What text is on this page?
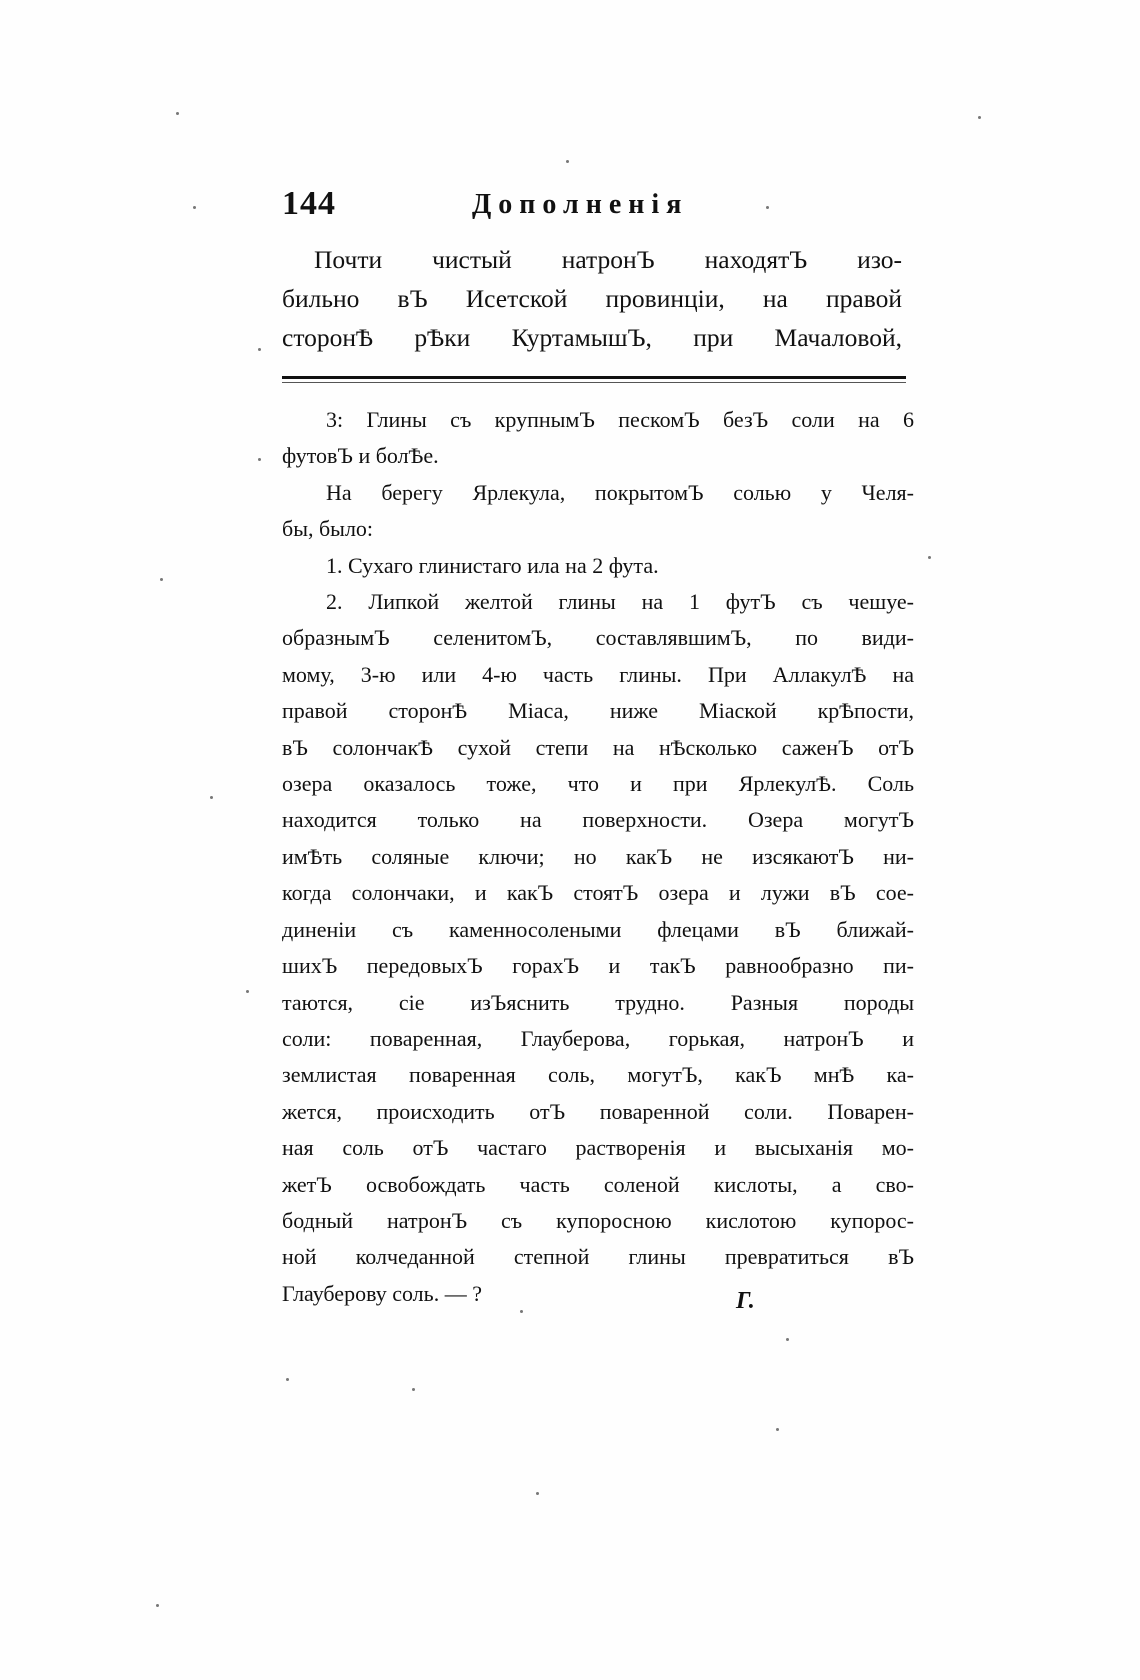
144	Дополненія
Почти чистый натронЪ находятЪ изо-
бильно вЪ Исетской провинціи, на правой
сторонѢ рѢки КуртамышЪ, при Мачаловой,
3: Глины съ крупнымЪ пескомЪ безЪ соли на 6
футовЪ и болѢе.
На берегу Ярлекула, покрытомЪ солью у Челя-
бы, было:
1. Сухаго глинистаго ила на 2 фута.
2. Липкой желтой глины на 1 футЪ съ чешуе-
образнымЪ селенитомЪ, составлявшимЪ, по види-
мому, 3-ю или 4-ю часть глины. При АллакулѢ на
правой сторонѢ Міаса, ниже Міаской крѢпости,
вЪ солончакѢ сухой степи на нѢсколько саженЪ отЪ
озера оказалось тоже, что и при ЯрлекулѢ. Соль
находится только на поверхности. Озера могутЪ
имѢть соляные ключи; но какЪ не изсякаютЪ ни-
когда солончаки, и какЪ стоятЪ озера и лужи вЪ сое-
диненіи съ каменносолеными флецами вЪ ближай-
шихЪ передовыхЪ горахЪ и такЪ равнообразно пи-
таются, сіе изЪяснить трудно. Разныя породы
соли: поваренная, Глауберова, горькая, натронЪ и
землистая поваренная соль, могутЪ, какЪ мнѢ ка-
жется, происходить отЪ поваренной соли. Поварен-
ная соль отЪ частаго растворенія и высыханія мо-
жетЪ освобождать часть соленой кислоты, а сво-
бодный натронЪ съ купоросною кислотою купорос-
ной колчеданной степной глины превратиться вЪ
Глауберову соль. — ?	Г.
